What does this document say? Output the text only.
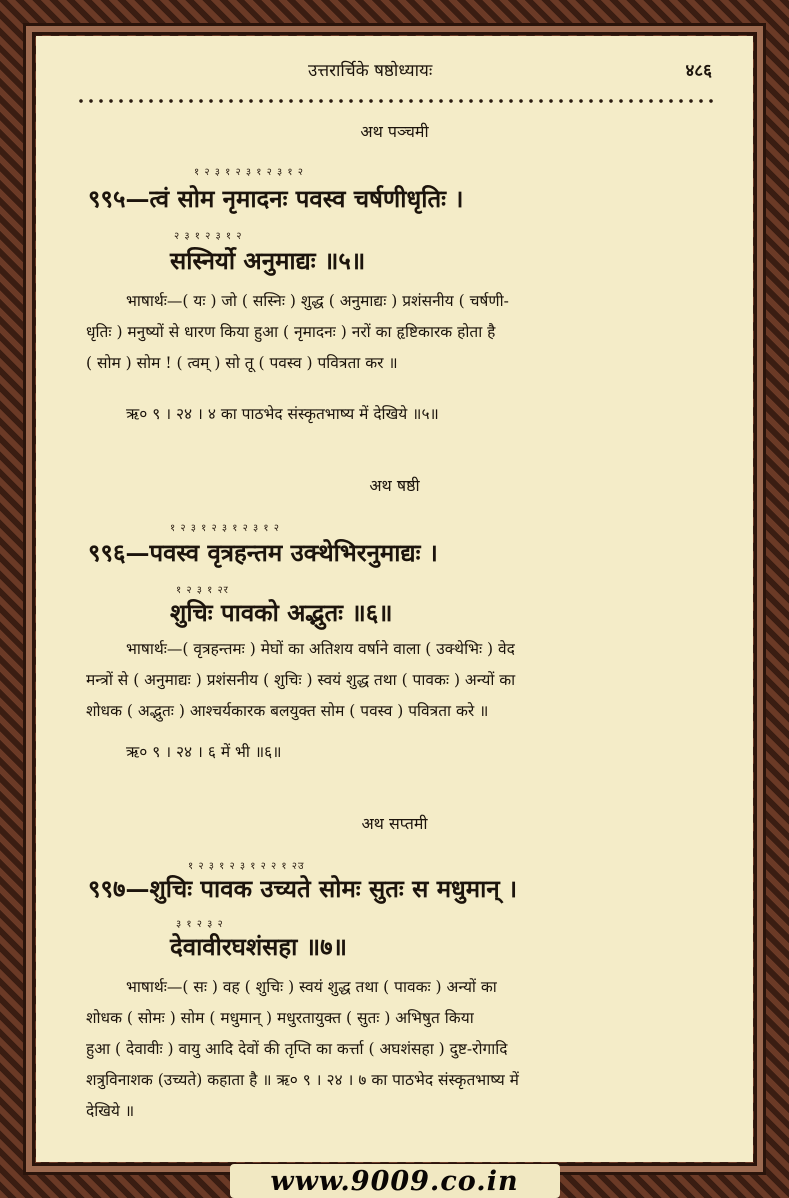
उत्तरार्चिके षष्ठोध्यायः	४८६
अथ पञ्चमी
१ २ ३ १ २ ३ १ २ ३ १ २
९९५—त्वं सोम नृमादनः पवस्व चर्षणीधृतिः ।
२ ३ १ २ ३ १ २
सस्निर्यो अनुमाद्यः ॥५॥
भाषार्थः—( यः ) जो ( सस्निः ) शुद्ध ( अनुमाद्यः ) प्रशंसनीय ( चर्षणी-
धृतिः ) मनुष्यों से धारण किया हुआ ( नृमादनः ) नरों का हृष्टिकारक होता है
( सोम ) सोम ! ( त्वम् ) सो तू ( पवस्व ) पवित्रता कर ॥
ऋ० ९ । २४ । ४ का पाठभेद संस्कृतभाष्य में देखिये ॥५॥
अथ षष्ठी
१ २ ३ १ २ ३ १ २ ३ १ २
९९६—पवस्व वृत्रहन्तम उक्थेभिरनुमाद्यः ।
१ २ ३ १ २र
शुचिः पावको अद्भुतः ॥६॥
भाषार्थः—( वृत्रहन्तमः ) मेघों का अतिशय वर्षाने वाला ( उक्थेभिः ) वेद
मन्त्रों से ( अनुमाद्यः ) प्रशंसनीय ( शुचिः ) स्वयं शुद्ध तथा ( पावकः ) अन्यों का
शोधक ( अद्भुतः ) आश्चर्यकारक बलयुक्त सोम ( पवस्व ) पवित्रता करे ॥
ऋ० ९ । २४ । ६ में भी ॥६॥
अथ सप्तमी
१ २ ३ १ २ ३ १ २ २ १ २उ
९९७—शुचिः पावक उच्यते सोमः सुतः स मधुमान् ।
३ १ २ ३ २
देवावीरघशंसहा ॥७॥
भाषार्थः—( सः ) वह ( शुचिः ) स्वयं शुद्ध तथा ( पावकः ) अन्यों का
शोधक ( सोमः ) सोम ( मधुमान् ) मधुरतायुक्त ( सुतः ) अभिषुत किया
हुआ ( देवावीः ) वायु आदि देवों की तृप्ति का कर्त्ता ( अघशंसहा ) दुष्ट-रोगादि
शत्रुविनाशक (उच्यते) कहाता है ॥ ऋ० ९ । २४ । ७ का पाठभेद संस्कृतभाष्य में
देखिये ॥
www.9009.co.in
